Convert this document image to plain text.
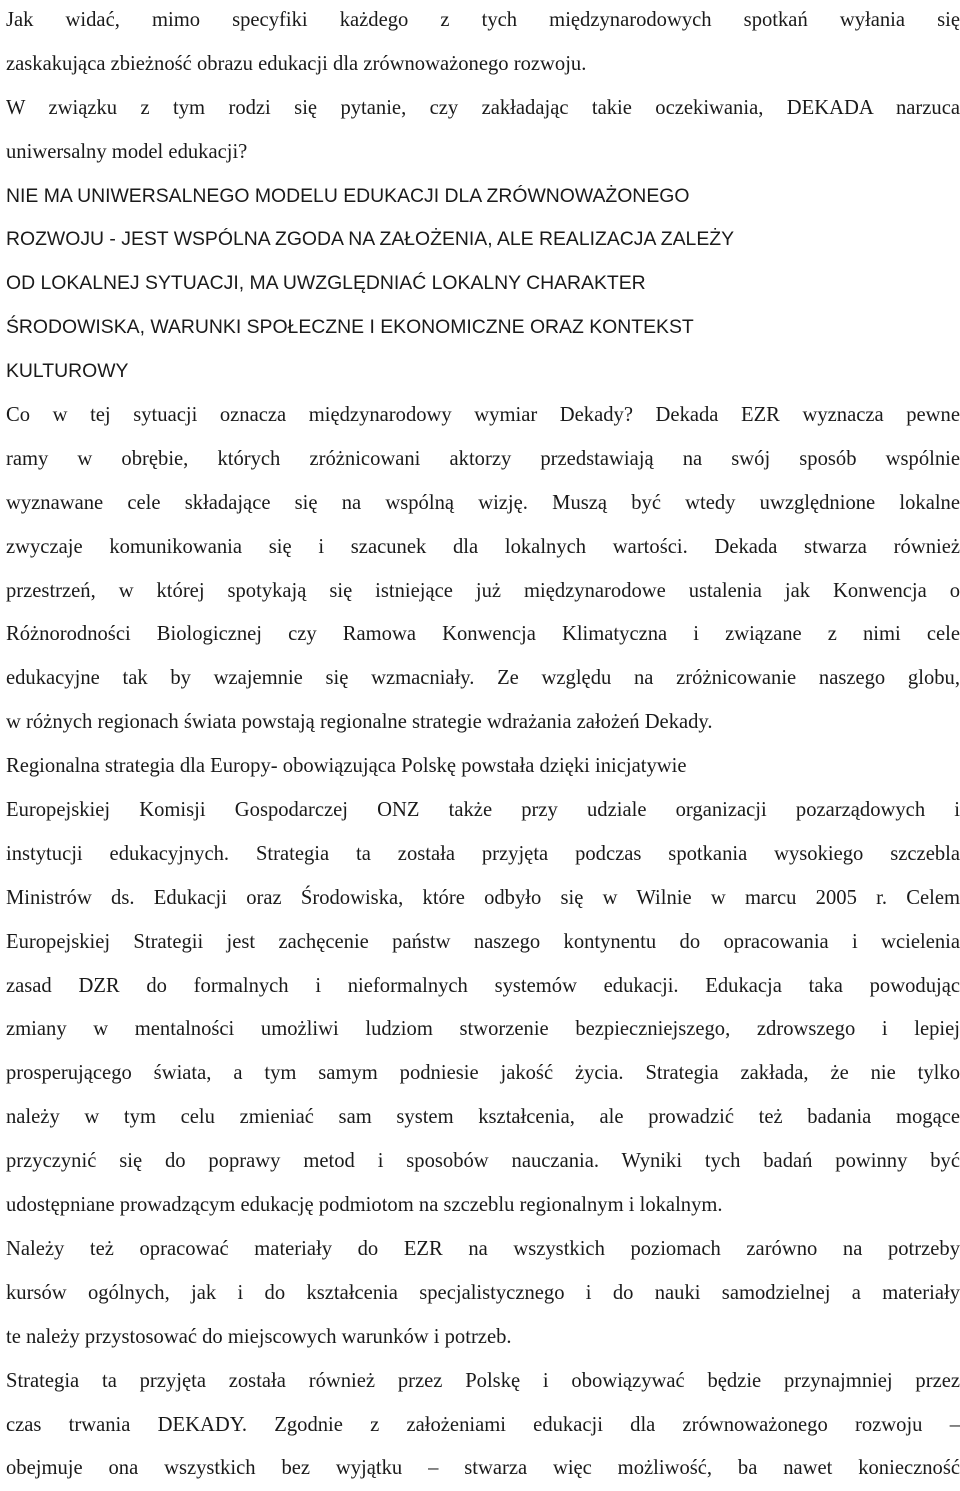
Jak widać, mimo specyfiki każdego z tych międzynarodowych spotkań wyłania się
zaskakująca zbieżność obrazu edukacji dla zrównoważonego rozwoju.
W związku z tym rodzi się pytanie, czy zakładając takie oczekiwania, DEKADA narzuca
uniwersalny model edukacji?
NIE MA UNIWERSALNEGO MODELU EDUKACJI DLA ZRÓWNOWAŻONEGO
ROZWOJU - JEST WSPÓLNA ZGODA NA ZAŁOŻENIA, ALE REALIZACJA ZALEŻY
OD LOKALNEJ SYTUACJI, MA UWZGLĘDNIAĆ LOKALNY CHARAKTER
ŚRODOWISKA, WARUNKI SPOŁECZNE I EKONOMICZNE ORAZ KONTEKST
KULTUROWY
Co w tej sytuacji oznacza międzynarodowy wymiar Dekady? Dekada EZR wyznacza pewne
ramy w obrębie, których zróżnicowani aktorzy przedstawiają na swój sposób wspólnie
wyznawane cele składające się na wspólną wizję. Muszą być wtedy uwzględnione lokalne
zwyczaje komunikowania się i szacunek dla lokalnych wartości. Dekada stwarza również
przestrzeń, w której spotykają się istniejące już międzynarodowe ustalenia jak Konwencja o
Różnorodności Biologicznej czy Ramowa Konwencja Klimatyczna i związane z nimi cele
edukacyjne tak by wzajemnie się wzmacniały. Ze względu na zróżnicowanie naszego globu,
w różnych regionach świata powstają regionalne strategie wdrażania założeń Dekady.
Regionalna strategia dla Europy- obowiązująca Polskę powstała dzięki inicjatywie
Europejskiej Komisji Gospodarczej ONZ także przy udziale organizacji pozarządowych i
instytucji edukacyjnych. Strategia ta została przyjęta podczas spotkania wysokiego szczebla
Ministrów ds. Edukacji oraz Środowiska, które odbyło się w Wilnie w marcu 2005 r. Celem
Europejskiej Strategii jest zachęcenie państw naszego kontynentu do opracowania i wcielenia
zasad DZR do formalnych i nieformalnych systemów edukacji. Edukacja taka powodując
zmiany w mentalności umożliwi ludziom stworzenie bezpieczniejszego, zdrowszego i lepiej
prosperującego świata, a tym samym podniesie jakość życia. Strategia zakłada, że nie tylko
należy w tym celu zmieniać sam system kształcenia, ale prowadzić też badania mogące
przyczynić się do poprawy metod i sposobów nauczania. Wyniki tych badań powinny być
udostępniane prowadzącym edukację podmiotom na szczeblu regionalnym i lokalnym.
Należy też opracować materiały do EZR na wszystkich poziomach zarówno na potrzeby
kursów ogólnych, jak i do kształcenia specjalistycznego i do nauki samodzielnej a materiały
te należy przystosować do miejscowych warunków i potrzeb.
Strategia ta przyjęta została również przez Polskę i obowiązywać będzie przynajmniej przez
czas trwania DEKADY. Zgodnie z założeniami edukacji dla zrównoważonego rozwoju –
obejmuje ona wszystkich bez wyjątku – stwarza więc możliwość, ba nawet konieczność
